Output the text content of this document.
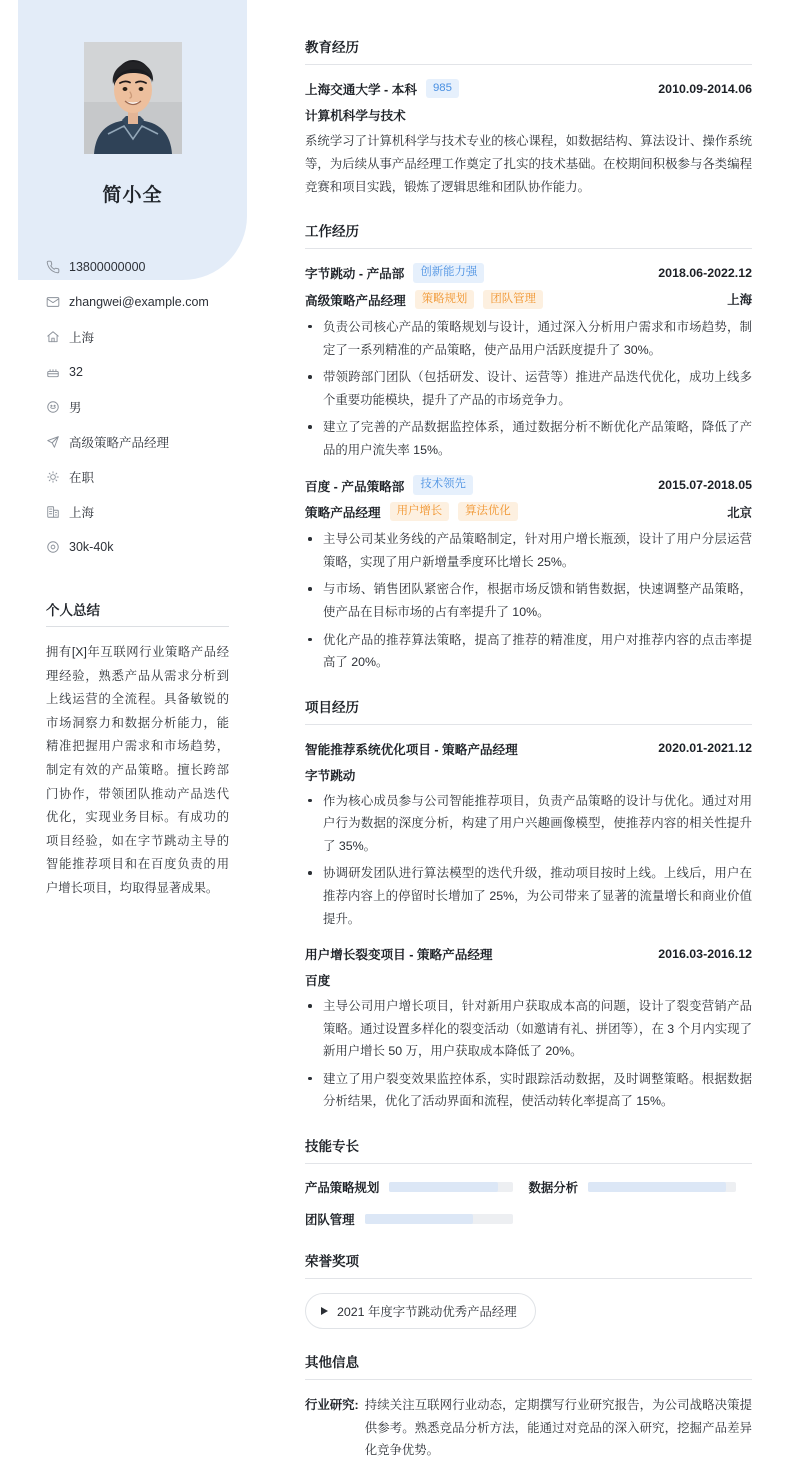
简小全
13800000000
zhangwei@example.com
上海
32
男
高级策略产品经理
在职
上海
30k-40k
个人总结
拥有[X]年互联网行业策略产品经理经验，熟悉产品从需求分析到上线运营的全流程。具备敏锐的市场洞察力和数据分析能力，能精准把握用户需求和市场趋势，制定有效的产品策略。擅长跨部门协作，带领团队推动产品迭代优化，实现业务目标。有成功的项目经验，如在字节跳动主导的智能推荐项目和在百度负责的用户增长项目，均取得显著成果。
教育经历
上海交通大学 - 本科	985	2010.09-2014.06
计算机科学与技术
系统学习了计算机科学与技术专业的核心课程，如数据结构、算法设计、操作系统等，为后续从事产品经理工作奠定了扎实的技术基础。在校期间积极参与各类编程竞赛和项目实践，锻炼了逻辑思维和团队协作能力。
工作经历
字节跳动 - 产品部	创新能力强	2018.06-2022.12
高级策略产品经理	策略规划	团队管理	上海
负责公司核心产品的策略规划与设计，通过深入分析用户需求和市场趋势，制定了一系列精准的产品策略，使产品用户活跃度提升了 30%。
带领跨部门团队（包括研发、设计、运营等）推进产品迭代优化，成功上线多个重要功能模块，提升了产品的市场竞争力。
建立了完善的产品数据监控体系，通过数据分析不断优化产品策略，降低了产品的用户流失率 15%。
百度 - 产品策略部	技术领先	2015.07-2018.05
策略产品经理	用户增长	算法优化	北京
主导公司某业务线的产品策略制定，针对用户增长瓶颈，设计了用户分层运营策略，实现了用户新增量季度环比增长 25%。
与市场、销售团队紧密合作，根据市场反馈和销售数据，快速调整产品策略，使产品在目标市场的占有率提升了 10%。
优化产品的推荐算法策略，提高了推荐的精准度，用户对推荐内容的点击率提高了 20%。
项目经历
智能推荐系统优化项目 - 策略产品经理	2020.01-2021.12
字节跳动
作为核心成员参与公司智能推荐项目，负责产品策略的设计与优化。通过对用户行为数据的深度分析，构建了用户兴趣画像模型，使推荐内容的相关性提升了 35%。
协调研发团队进行算法模型的迭代升级，推动项目按时上线。上线后，用户在推荐内容上的停留时长增加了 25%，为公司带来了显著的流量增长和商业价值提升。
用户增长裂变项目 - 策略产品经理	2016.03-2016.12
百度
主导公司用户增长项目，针对新用户获取成本高的问题，设计了裂变营销产品策略。通过设置多样化的裂变活动（如邀请有礼、拼团等），在 3 个月内实现了新用户增长 50 万，用户获取成本降低了 20%。
建立了用户裂变效果监控体系，实时跟踪活动数据，及时调整策略。根据数据分析结果，优化了活动界面和流程，使活动转化率提高了 15%。
技能专长
产品策略规划	数据分析
团队管理
荣誉奖项
2021 年度字节跳动优秀产品经理
其他信息
行业研究: 持续关注互联网行业动态，定期撰写行业研究报告，为公司战略决策提供参考。熟悉竞品分析方法，能通过对竞品的深入研究，挖掘产品差异化竞争优势。
